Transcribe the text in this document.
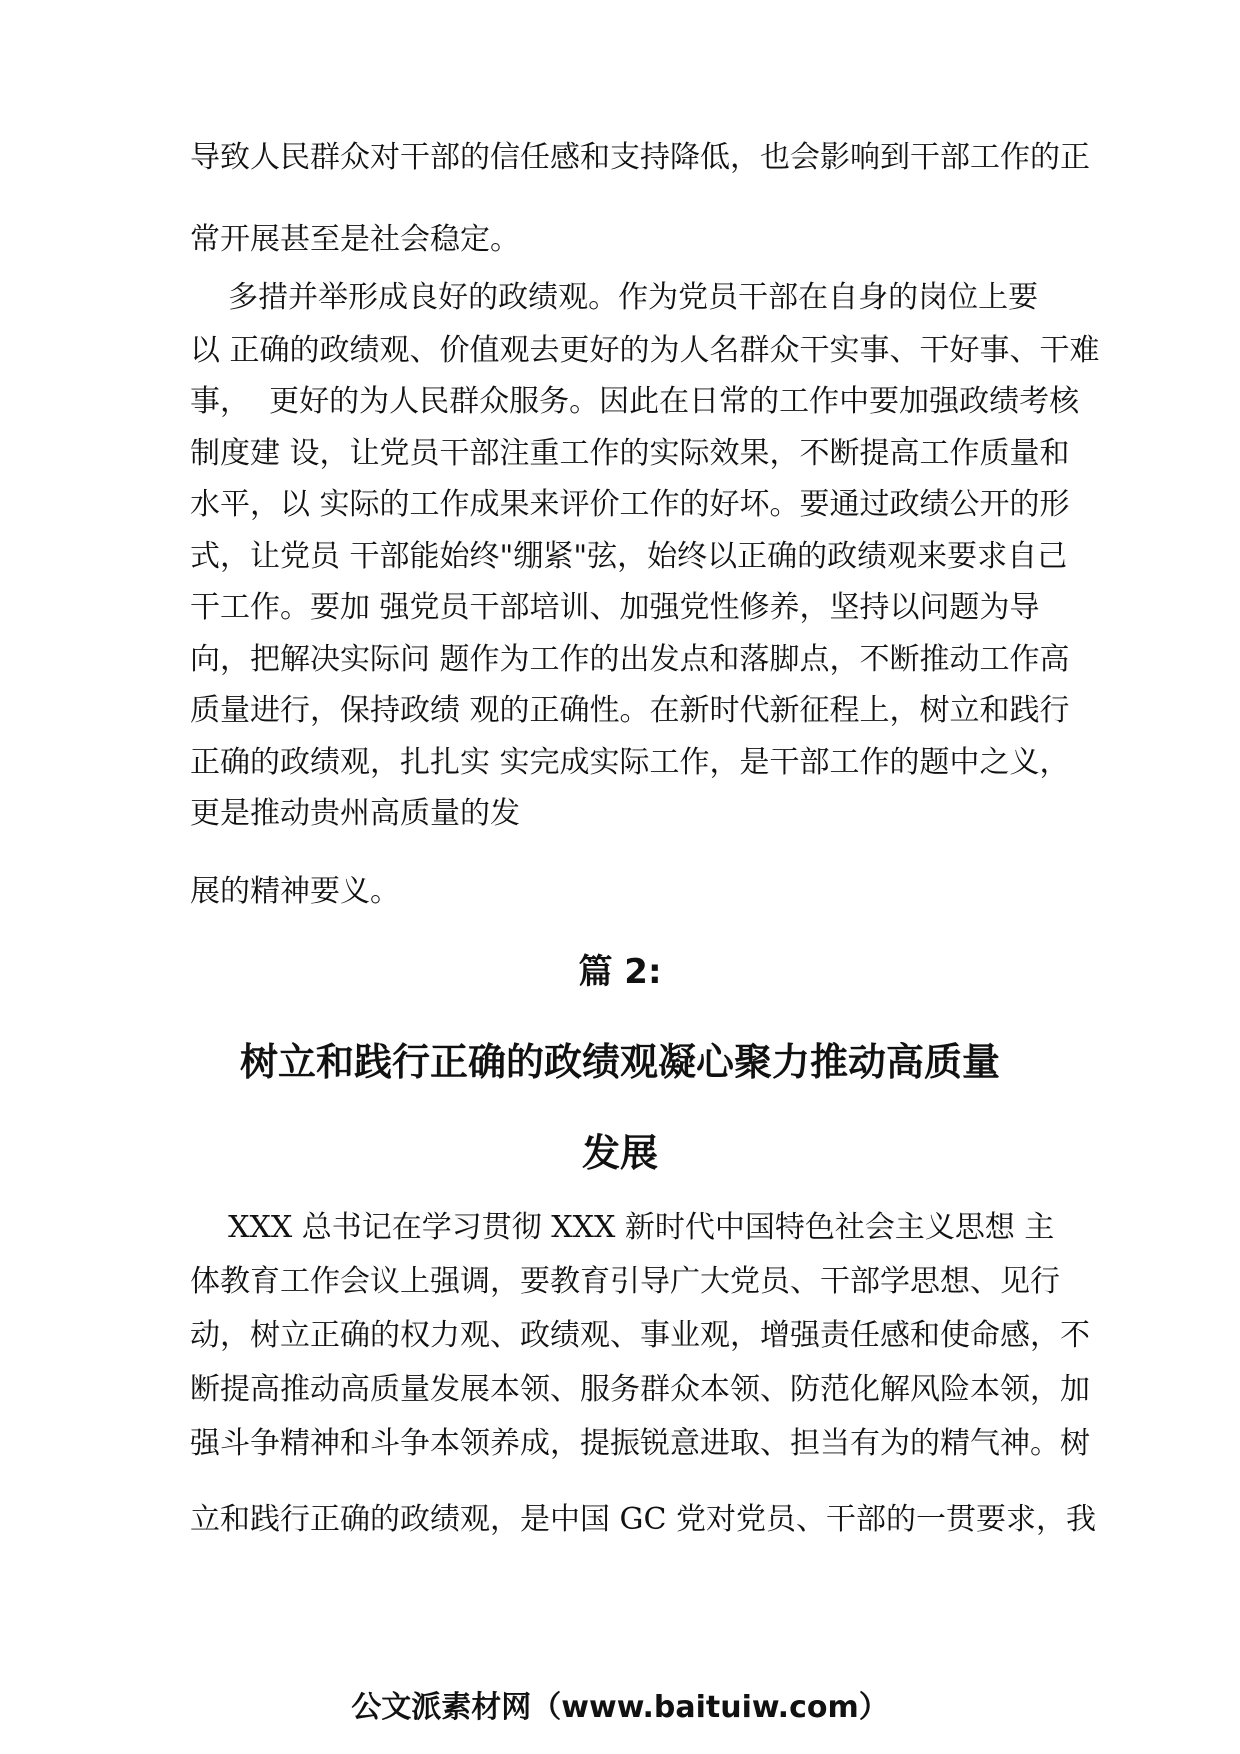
导致人民群众对干部的信任感和支持降低，也会影响到干部工作的正

常开展甚至是社会稳定。

多措并举形成良好的政绩观。作为党员干部在自身的岗位上要

以 正确的政绩观、价值观去更好的为人名群众干实事、干好事、干难

事，  更好的为人民群众服务。因此在日常的工作中要加强政绩考核

制度建 设，让党员干部注重工作的实际效果，不断提高工作质量和

水平，以 实际的工作成果来评价工作的好坏。要通过政绩公开的形

式，让党员 干部能始终"绷紧"弦，始终以正确的政绩观来要求自己

干工作。要加 强党员干部培训、加强党性修养，坚持以问题为导

向，把解决实际问 题作为工作的出发点和落脚点，不断推动工作高

质量进行，保持政绩 观的正确性。在新时代新征程上，树立和践行

正确的政绩观，扎扎实 实完成实际工作，是干部工作的题中之义，

更是推动贵州高质量的发

展的精神要义。

篇 2:

树立和践行正确的政绩观凝心聚力推动高质量

发展

XXX 总书记在学习贯彻 XXX 新时代中国特色社会主义思想 主

体教育工作会议上强调，要教育引导广大党员、干部学思想、见行

动，树立正确的权力观、政绩观、事业观，增强责任感和使命感，不

断提高推动高质量发展本领、服务群众本领、防范化解风险本领，加

强斗争精神和斗争本领养成，提振锐意进取、担当有为的精气神。树

立和践行正确的政绩观，是中国 GC 党对党员、干部的一贯要求，我

公文派素材网（www.baituiw.com）
